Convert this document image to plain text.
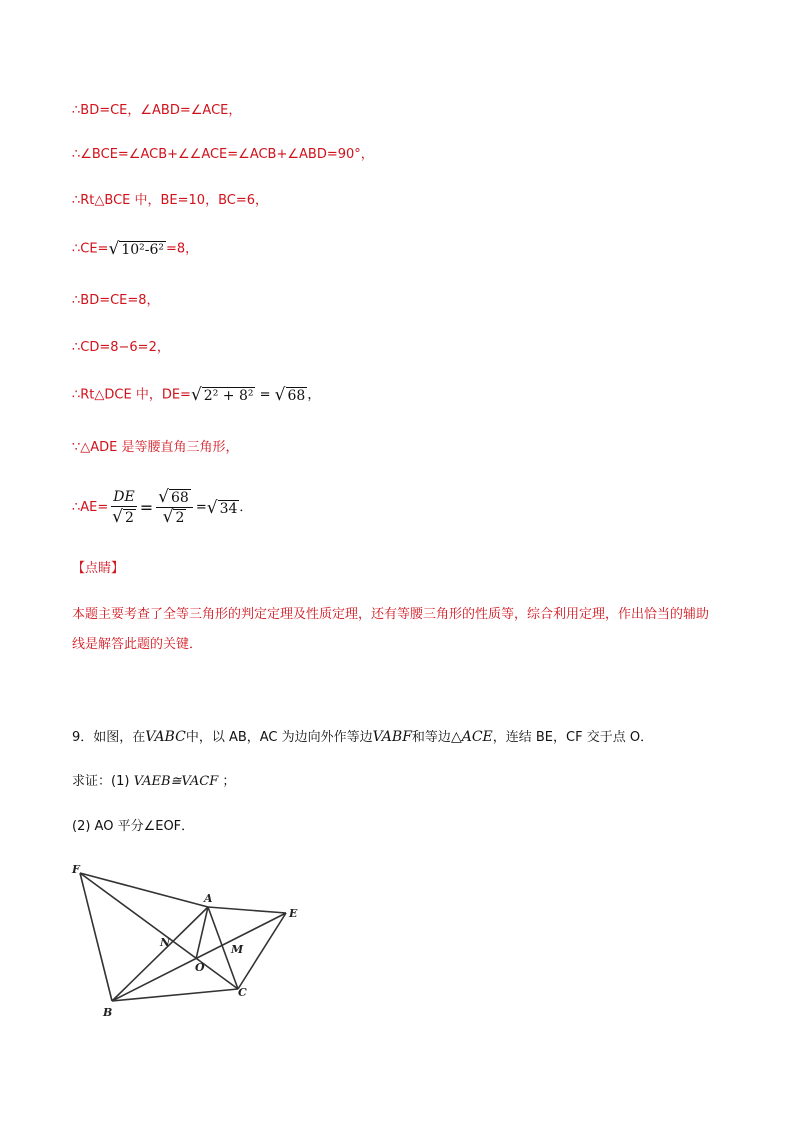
∴BD=CE，∠ABD=∠ACE，
∴∠BCE=∠ACB+∠∠ACE=∠ACB+∠ABD=90°，
∴Rt△BCE 中，BE=10，BC=6，
∴CE= √ 10²-6² =8，
∴BD=CE=8，
∴CD=8−6=2，
∴Rt△DCE 中，DE= √ 2² + 8² = √ 68 ，
∵△ADE 是等腰直角三角形，
∴AE= $\frac{DE}{√ 2} = \frac{√ 68}{√ 2}$ = √ 34 ．
【点睛】
本题主要考查了全等三角形的判定定理及性质定理，还有等腰三角形的性质等，综合利用定理，作出恰当的辅助线是解答此题的关键．
9．如图，在VABC中，以 AB，AC 为边向外作等边VABF和等边△ACE，连结 BE，CF 交于点 O．
求证：(1) VAEB≅VACF ；
(2) AO 平分∠EOF．
F
A
E
N
M
O
B
C
